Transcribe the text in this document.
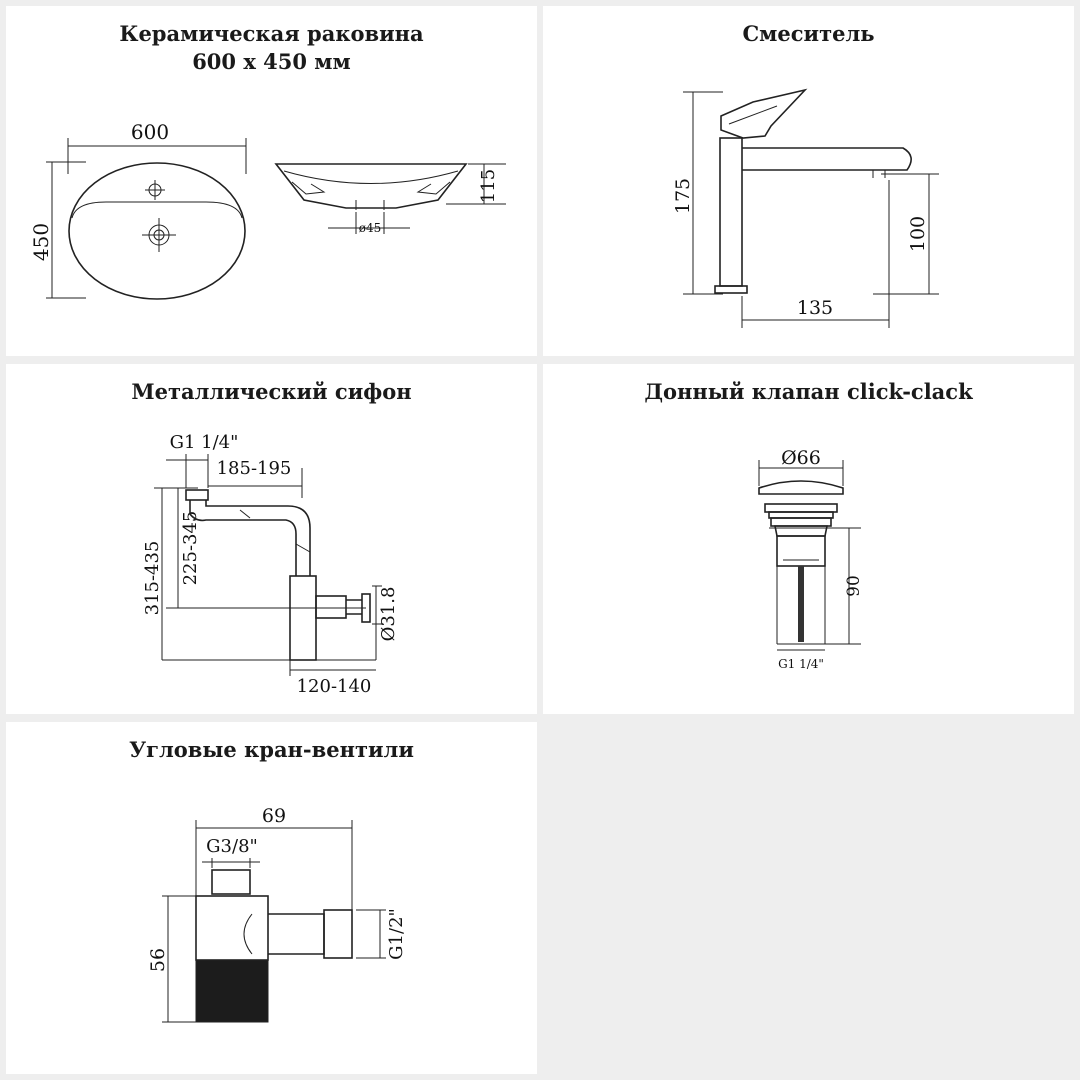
Керамическая раковина
600 х 450 мм
600
450
115
ø45
Смеситель
175
100
135
Металлический сифон
G1 1/4"
185-195
315-435 225-345
Ø31.8
120-140
Донный клапан click-clack
Ø66
90
G1 1/4"
Угловые кран-вентили
69
G3/8"
56
G1/2"
